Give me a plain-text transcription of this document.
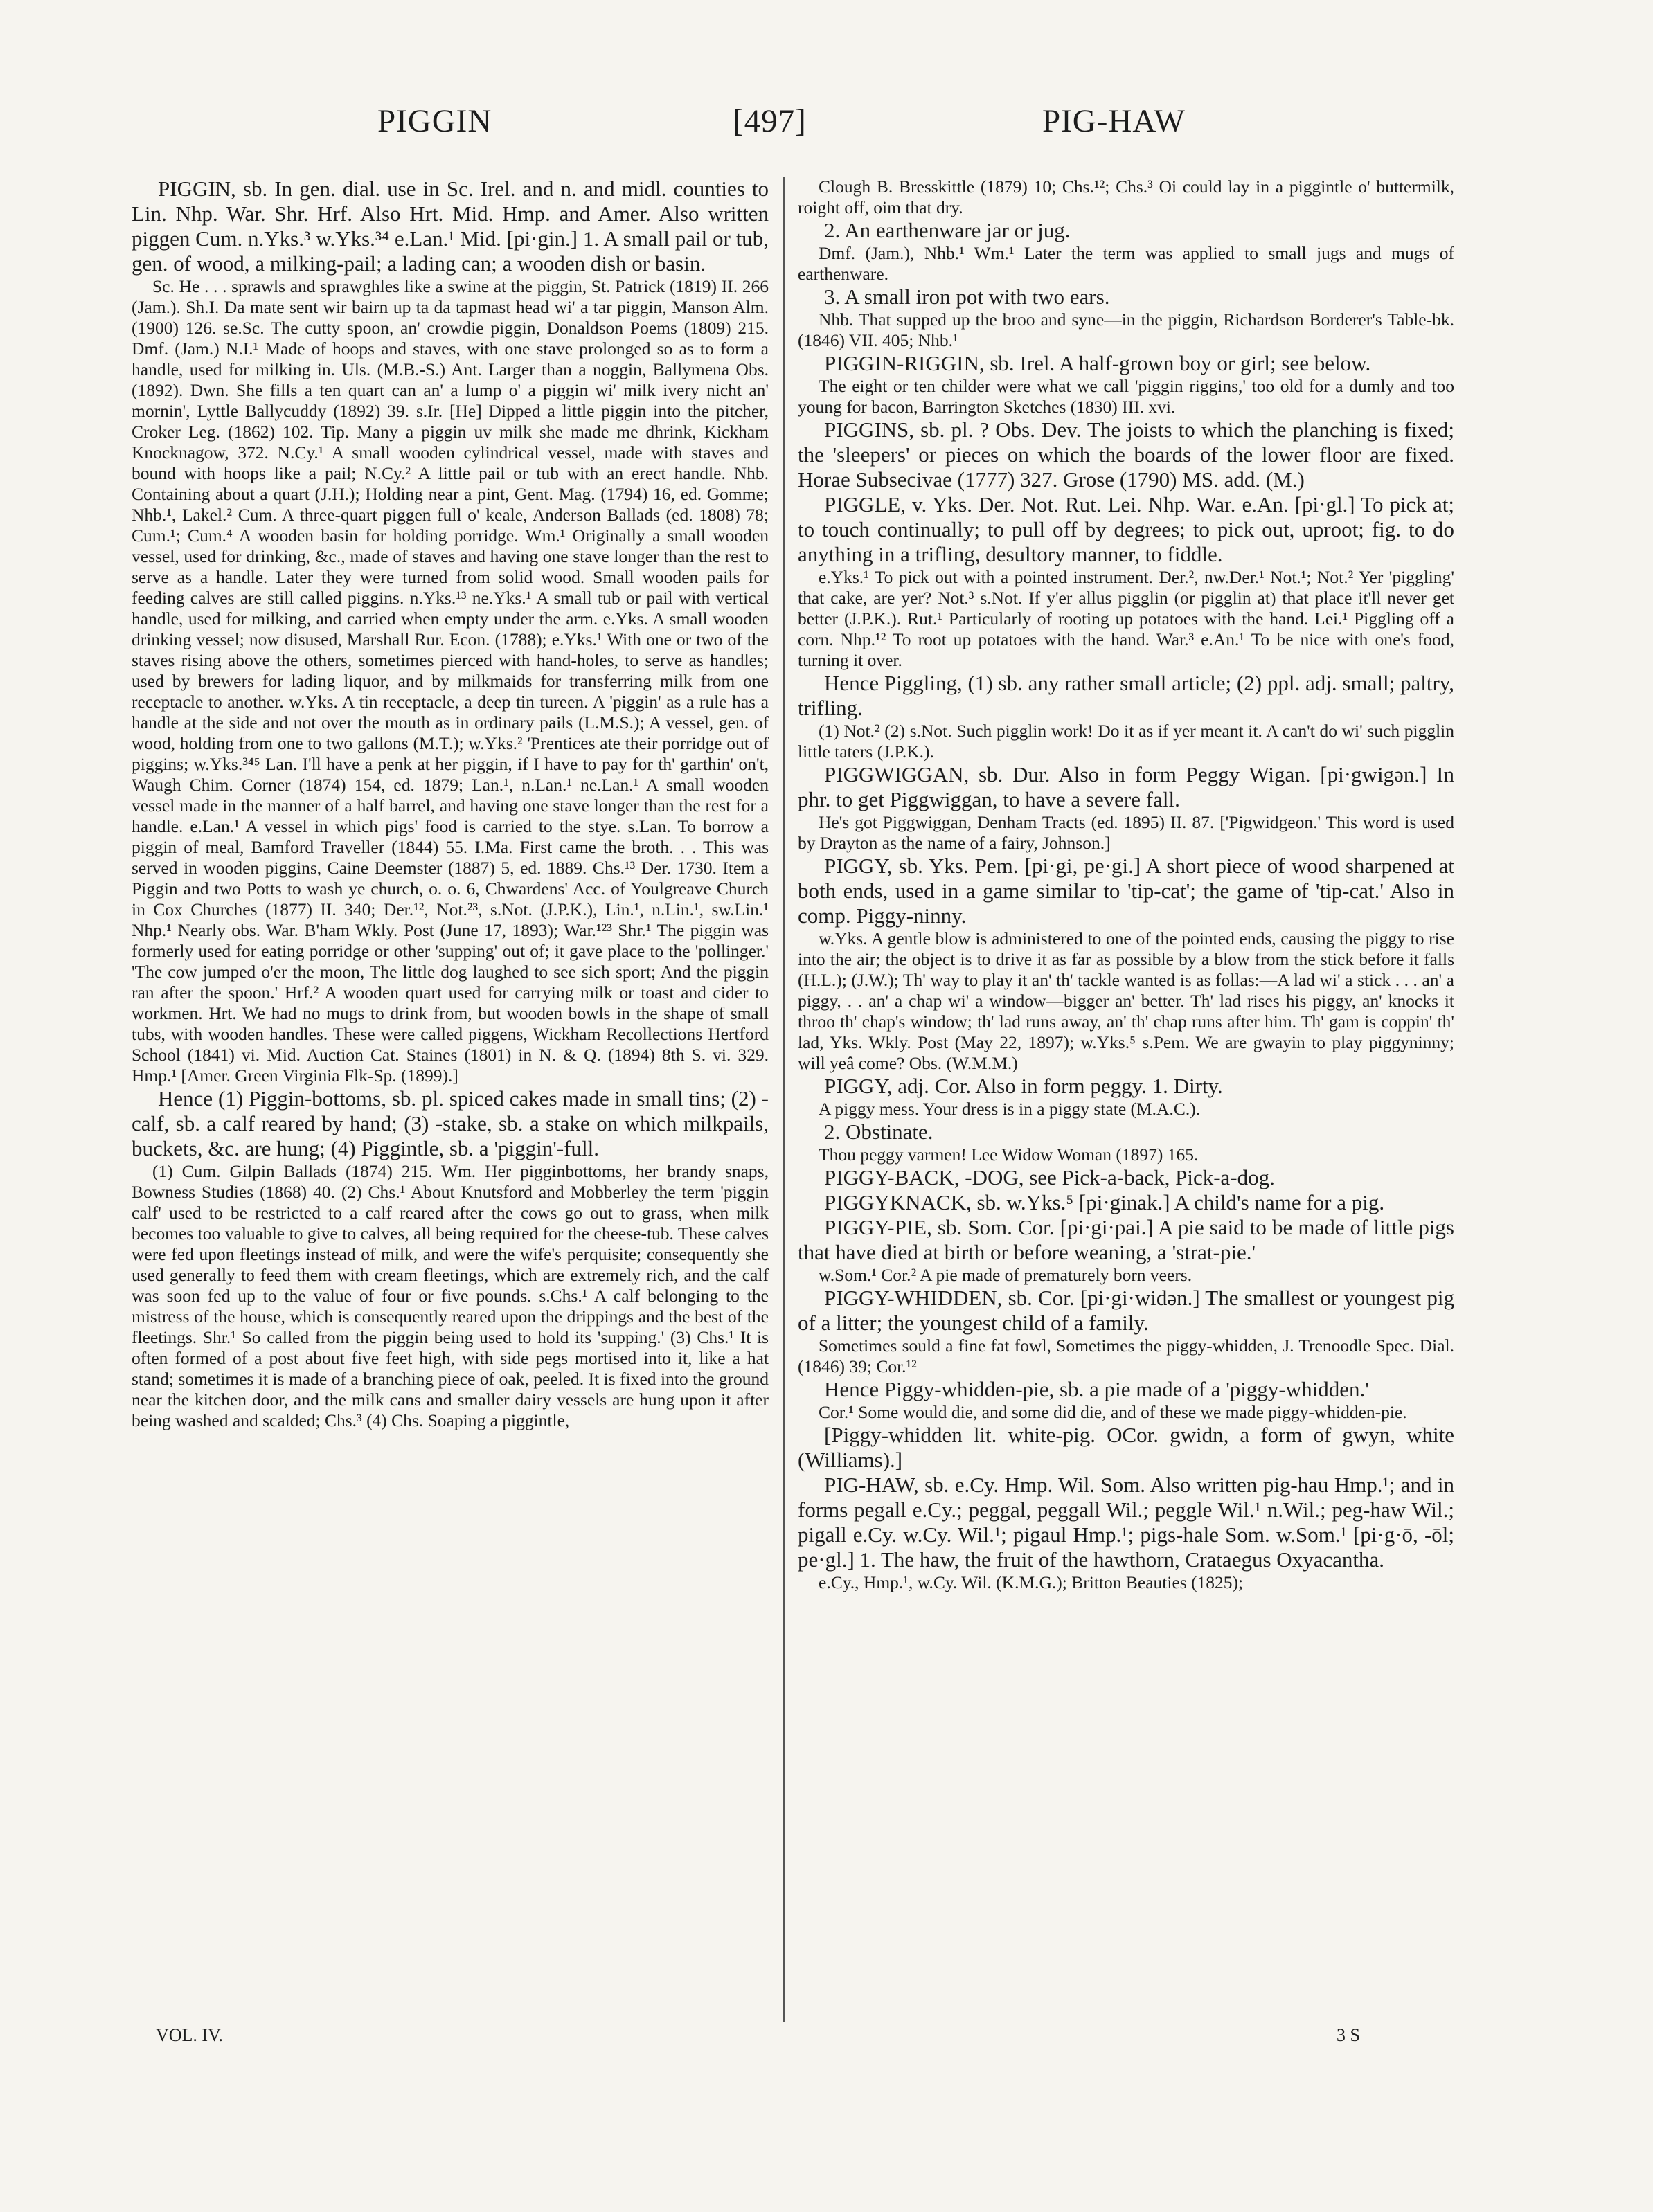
PIGGIN	[497]	PIG-HAW

PIGGIN, sb. In gen. dial. use in Sc. Irel. and n. and midl. counties to Lin. Nhp. War. Shr. Hrf. Also Hrt. Mid. Hmp. and Amer. Also written piggen Cum. n.Yks.³ w.Yks.³⁴ e.Lan.¹ Mid. [pi·gin.] 1. A small pail or tub, gen. of wood, a milking-pail; a lading can; a wooden dish or basin.

Sc. He . . . sprawls and sprawghles like a swine at the piggin, St. Patrick (1819) II. 266 (Jam.). Sh.I. Da mate sent wir bairn up ta da tapmast head wi' a tar piggin, Manson Alm. (1900) 126. se.Sc. The cutty spoon, an' crowdie piggin, Donaldson Poems (1809) 215. Dmf. (Jam.) N.I.¹ Made of hoops and staves, with one stave prolonged so as to form a handle, used for milking in. Uls. (M.B.-S.) Ant. Larger than a noggin, Ballymena Obs. (1892). Dwn. She fills a ten quart can an' a lump o' a piggin wi' milk ivery nicht an' mornin', Lyttle Ballycuddy (1892) 39. s.Ir. [He] Dipped a little piggin into the pitcher, Croker Leg. (1862) 102. Tip. Many a piggin uv milk she made me dhrink, Kickham Knocknagow, 372. N.Cy.¹ A small wooden cylindrical vessel, made with staves and bound with hoops like a pail; N.Cy.² A little pail or tub with an erect handle. Nhb. Containing about a quart (J.H.); Holding near a pint, Gent. Mag. (1794) 16, ed. Gomme; Nhb.¹, Lakel.² Cum. A three-quart piggen full o' keale, Anderson Ballads (ed. 1808) 78; Cum.¹; Cum.⁴ A wooden basin for holding porridge. Wm.¹ Originally a small wooden vessel, used for drinking, &c., made of staves and having one stave longer than the rest to serve as a handle. Later they were turned from solid wood. Small wooden pails for feeding calves are still called piggins. n.Yks.¹³ ne.Yks.¹ A small tub or pail with vertical handle, used for milking, and carried when empty under the arm. e.Yks. A small wooden drinking vessel; now disused, Marshall Rur. Econ. (1788); e.Yks.¹ With one or two of the staves rising above the others, sometimes pierced with hand-holes, to serve as handles; used by brewers for lading liquor, and by milkmaids for transferring milk from one receptacle to another. w.Yks. A tin receptacle, a deep tin tureen. A 'piggin' as a rule has a handle at the side and not over the mouth as in ordinary pails (L.M.S.); A vessel, gen. of wood, holding from one to two gallons (M.T.); w.Yks.² 'Prentices ate their porridge out of piggins; w.Yks.³⁴⁵ Lan. I'll have a penk at her piggin, if I have to pay for th' garthin' on't, Waugh Chim. Corner (1874) 154, ed. 1879; Lan.¹, n.Lan.¹ ne.Lan.¹ A small wooden vessel made in the manner of a half barrel, and having one stave longer than the rest for a handle. e.Lan.¹ A vessel in which pigs' food is carried to the stye. s.Lan. To borrow a piggin of meal, Bamford Traveller (1844) 55. I.Ma. First came the broth. . . This was served in wooden piggins, Caine Deemster (1887) 5, ed. 1889. Chs.¹³ Der. 1730. Item a Piggin and two Potts to wash ye church, o. o. 6, Chwardens' Acc. of Youlgreave Church in Cox Churches (1877) II. 340; Der.¹², Not.²³, s.Not. (J.P.K.), Lin.¹, n.Lin.¹, sw.Lin.¹ Nhp.¹ Nearly obs. War. B'ham Wkly. Post (June 17, 1893); War.¹²³ Shr.¹ The piggin was formerly used for eating porridge or other 'supping' out of; it gave place to the 'pollinger.' 'The cow jumped o'er the moon, The little dog laughed to see sich sport; And the piggin ran after the spoon.' Hrf.² A wooden quart used for carrying milk or toast and cider to workmen. Hrt. We had no mugs to drink from, but wooden bowls in the shape of small tubs, with wooden handles. These were called piggens, Wickham Recollections Hertford School (1841) vi. Mid. Auction Cat. Staines (1801) in N. & Q. (1894) 8th S. vi. 329. Hmp.¹ [Amer. Green Virginia Flk-Sp. (1899).]

Hence (1) Piggin-bottoms, sb. pl. spiced cakes made in small tins; (2) -calf, sb. a calf reared by hand; (3) -stake, sb. a stake on which milkpails, buckets, &c. are hung; (4) Piggintle, sb. a 'piggin'-full.

(1) Cum. Gilpin Ballads (1874) 215. Wm. Her pigginbottoms, her brandy snaps, Bowness Studies (1868) 40. (2) Chs.¹ About Knutsford and Mobberley the term 'piggin calf' used to be restricted to a calf reared after the cows go out to grass, when milk becomes too valuable to give to calves, all being required for the cheese-tub. These calves were fed upon fleetings instead of milk, and were the wife's perquisite; consequently she used generally to feed them with cream fleetings, which are extremely rich, and the calf was soon fed up to the value of four or five pounds. s.Chs.¹ A calf belonging to the mistress of the house, which is consequently reared upon the drippings and the best of the fleetings. Shr.¹ So called from the piggin being used to hold its 'supping.' (3) Chs.¹ It is often formed of a post about five feet high, with side pegs mortised into it, like a hat stand; sometimes it is made of a branching piece of oak, peeled. It is fixed into the ground near the kitchen door, and the milk cans and smaller dairy vessels are hung upon it after being washed and scalded; Chs.³ (4) Chs. Soaping a piggintle,

Clough B. Bresskittle (1879) 10; Chs.¹²; Chs.³ Oi could lay in a piggintle o' buttermilk, roight off, oim that dry.

2. An earthenware jar or jug.

Dmf. (Jam.), Nhb.¹ Wm.¹ Later the term was applied to small jugs and mugs of earthenware.

3. A small iron pot with two ears.

Nhb. That supped up the broo and syne—in the piggin, Richardson Borderer's Table-bk. (1846) VII. 405; Nhb.¹

PIGGIN-RIGGIN, sb. Irel. A half-grown boy or girl; see below.

The eight or ten childer were what we call 'piggin riggins,' too old for a dumly and too young for bacon, Barrington Sketches (1830) III. xvi.

PIGGINS, sb. pl. ? Obs. Dev. The joists to which the planching is fixed; the 'sleepers' or pieces on which the boards of the lower floor are fixed. Horae Subsecivae (1777) 327. Grose (1790) MS. add. (M.)

PIGGLE, v. Yks. Der. Not. Rut. Lei. Nhp. War. e.An. [pi·gl.] To pick at; to touch continually; to pull off by degrees; to pick out, uproot; fig. to do anything in a trifling, desultory manner, to fiddle.

e.Yks.¹ To pick out with a pointed instrument. Der.², nw.Der.¹ Not.¹; Not.² Yer 'piggling' that cake, are yer? Not.³ s.Not. If y'er allus pigglin (or pigglin at) that place it'll never get better (J.P.K.). Rut.¹ Particularly of rooting up potatoes with the hand. Lei.¹ Piggling off a corn. Nhp.¹² To root up potatoes with the hand. War.³ e.An.¹ To be nice with one's food, turning it over.

Hence Piggling, (1) sb. any rather small article; (2) ppl. adj. small; paltry, trifling.

(1) Not.² (2) s.Not. Such pigglin work! Do it as if yer meant it. A can't do wi' such pigglin little taters (J.P.K.).

PIGGWIGGAN, sb. Dur. Also in form Peggy Wigan. [pi·gwigən.] In phr. to get Piggwiggan, to have a severe fall.

He's got Piggwiggan, Denham Tracts (ed. 1895) II. 87. ['Pigwidgeon.' This word is used by Drayton as the name of a fairy, Johnson.]

PIGGY, sb. Yks. Pem. [pi·gi, pe·gi.] A short piece of wood sharpened at both ends, used in a game similar to 'tip-cat'; the game of 'tip-cat.' Also in comp. Piggy-ninny.

w.Yks. A gentle blow is administered to one of the pointed ends, causing the piggy to rise into the air; the object is to drive it as far as possible by a blow from the stick before it falls (H.L.); (J.W.); Th' way to play it an' th' tackle wanted is as follas:—A lad wi' a stick . . . an' a piggy, . . an' a chap wi' a window—bigger an' better. Th' lad rises his piggy, an' knocks it throo th' chap's window; th' lad runs away, an' th' chap runs after him. Th' gam is coppin' th' lad, Yks. Wkly. Post (May 22, 1897); w.Yks.⁵ s.Pem. We are gwayin to play piggyninny; will yeâ come? Obs. (W.M.M.)

PIGGY, adj. Cor. Also in form peggy. 1. Dirty.

A piggy mess. Your dress is in a piggy state (M.A.C.).

2. Obstinate.

Thou peggy varmen! Lee Widow Woman (1897) 165.

PIGGY-BACK, -DOG, see Pick-a-back, Pick-a-dog.

PIGGYKNACK, sb. w.Yks.⁵ [pi·ginak.] A child's name for a pig.

PIGGY-PIE, sb. Som. Cor. [pi·gi·pai.] A pie said to be made of little pigs that have died at birth or before weaning, a 'strat-pie.'

w.Som.¹ Cor.² A pie made of prematurely born veers.

PIGGY-WHIDDEN, sb. Cor. [pi·gi·widən.] The smallest or youngest pig of a litter; the youngest child of a family.

Sometimes sould a fine fat fowl, Sometimes the piggy-whidden, J. Trenoodle Spec. Dial. (1846) 39; Cor.¹²

Hence Piggy-whidden-pie, sb. a pie made of a 'piggy-whidden.'

Cor.¹ Some would die, and some did die, and of these we made piggy-whidden-pie.

[Piggy-whidden lit. white-pig. OCor. gwidn, a form of gwyn, white (Williams).]

PIG-HAW, sb. e.Cy. Hmp. Wil. Som. Also written pig-hau Hmp.¹; and in forms pegall e.Cy.; peggal, peggall Wil.; peggle Wil.¹ n.Wil.; peg-haw Wil.; pigall e.Cy. w.Cy. Wil.¹; pigaul Hmp.¹; pigs-hale Som. w.Som.¹ [pi·g·ō, -ōl; pe·gl.] 1. The haw, the fruit of the hawthorn, Crataegus Oxyacantha.

e.Cy., Hmp.¹, w.Cy. Wil. (K.M.G.); Britton Beauties (1825);

VOL. IV.	3 S
